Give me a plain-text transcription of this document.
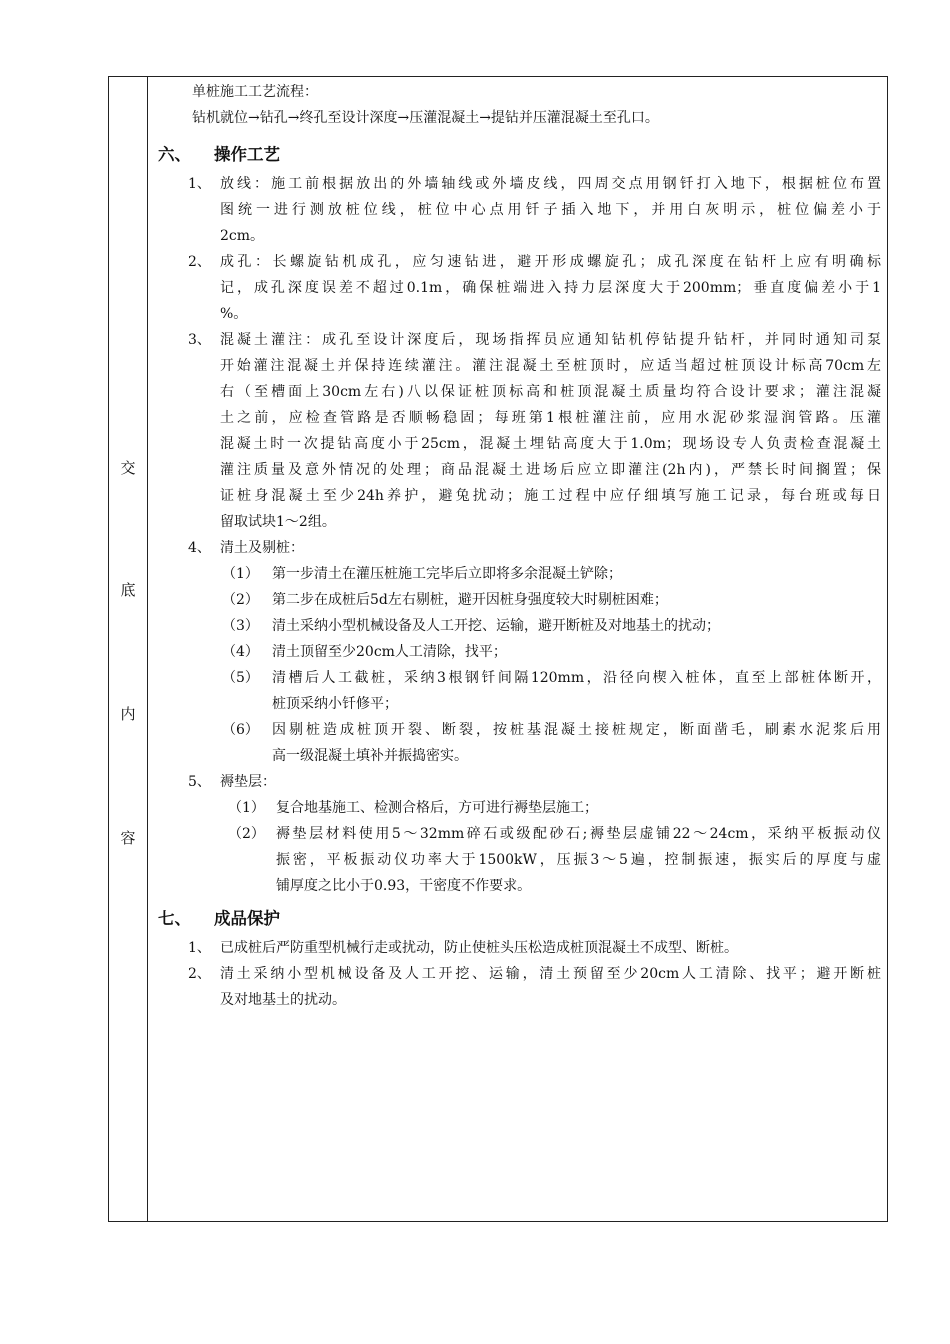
交
底
内
容
单桩施工工艺流程：
钻机就位→钻孔→终孔至设计深度→压灌混凝土→提钻并压灌混凝土至孔口。
六、 操作工艺
1、 放线：施工前根据放出的外墙轴线或外墙皮线，四周交点用钢钎打入地下，根据桩位布置
图统一进行测放桩位线，桩位中心点用钎子插入地下，并用白灰明示，桩位偏差小于
2cm。
2、 成孔：长螺旋钻机成孔，应匀速钻进，避开形成螺旋孔；成孔深度在钻杆上应有明确标
记，成孔深度误差不超过0.1m，确保桩端进入持力层深度大于200mm；垂直度偏差小于1
%。
3、 混凝土灌注：成孔至设计深度后，现场指挥员应通知钻机停钻提升钻杆，并同时通知司泵
开始灌注混凝土并保持连续灌注。灌注混凝土至桩顶时，应适当超过桩顶设计标高70cm左
右（至槽面上30cm左右)八以保证桩顶标高和桩顶混凝土质量均符合设计要求；灌注混凝
土之前，应检查管路是否顺畅稳固；每班第1根桩灌注前，应用水泥砂浆湿润管路。压灌
混凝土时一次提钻高度小于25cm，混凝土埋钻高度大于1.0m；现场设专人负责检查混凝土
灌注质量及意外情况的处理；商品混凝土进场后应立即灌注(2h内)，严禁长时间搁置；保
证桩身混凝土至少24h养护，避兔扰动；施工过程中应仔细填写施工记录，每台班或每日
留取试块1～2组。
4、 清土及剔桩：
（1） 第一步清土在灌压桩施工完毕后立即将多余混凝土铲除；
（2） 第二步在成桩后5d左右剔桩，避开因桩身强度较大时剔桩困难；
（3） 清土采纳小型机械设备及人工开挖、运输，避开断桩及对地基土的扰动；
（4） 清土顶留至少20cm人工清除，找平；
（5） 清槽后人工截桩，采纳3根钢钎间隔120mm，沿径向楔入桩体，直至上部桩体断开，
桩顶采纳小钎修平；
（6） 因剔桩造成桩顶开裂、断裂，按桩基混凝土接桩规定，断面凿毛，刷素水泥浆后用
高一级混凝土填补并振捣密实。
5、 褥垫层：
（1） 复合地基施工、检测合格后，方可进行褥垫层施工；
（2） 褥垫层材料使用5～32mm碎石或级配砂石;褥垫层虚铺22～24cm，采纳平板振动仪
振密，平板振动仪功率大于1500kW，压振3～5遍，控制振速，振实后的厚度与虚
铺厚度之比小于0.93，干密度不作要求。
七、 成品保护
1、 已成桩后严防重型机械行走或扰动，防止使桩头压松造成桩顶混凝土不成型、断桩。
2、 清土采纳小型机械设备及人工开挖、运输，清土预留至少20cm人工清除、找平；避开断桩
及对地基土的扰动。
